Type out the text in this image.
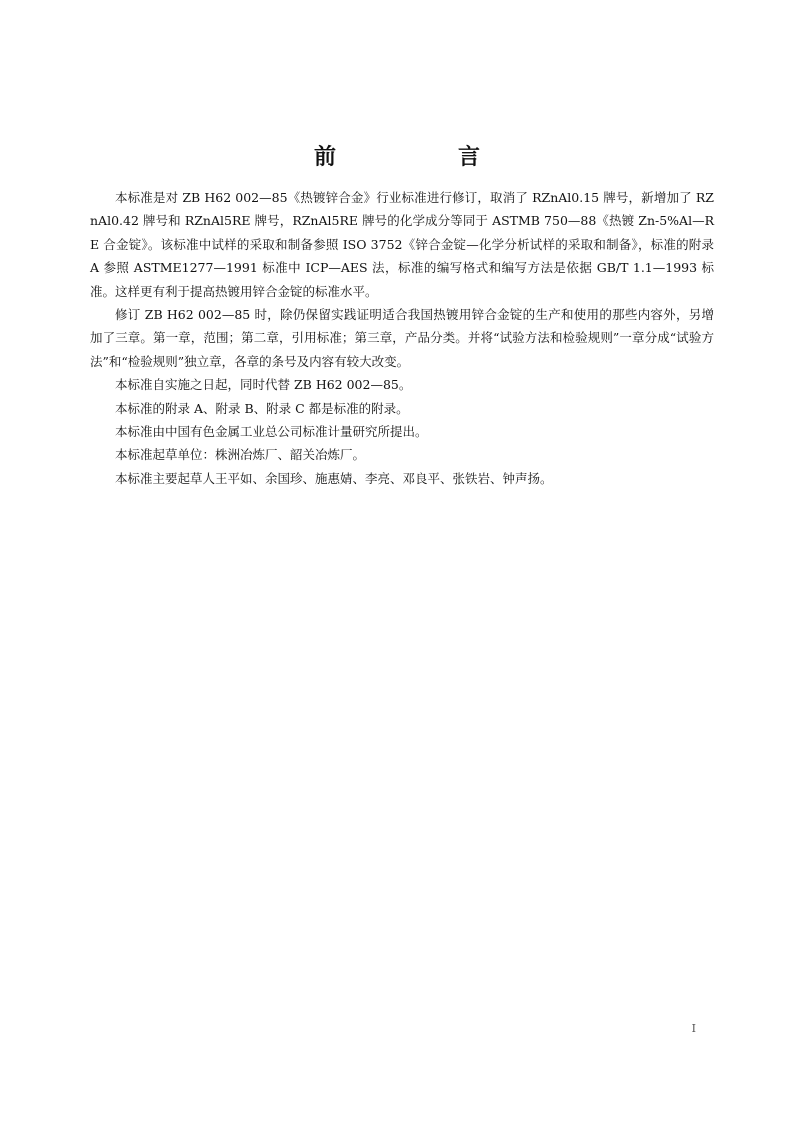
前　言

本标准是对 ZB H62 002—85《热镀锌合金》行业标准进行修订，取消了 RZnAl0.15 牌号，新增加了 RZnAl0.42 牌号和 RZnAl5RE 牌号，RZnAl5RE 牌号的化学成分等同于 ASTMB 750—88《热镀 Zn-5%Al—RE 合金锭》。该标准中试样的采取和制备参照 ISO 3752《锌合金锭—化学分析试样的采取和制备》，标准的附录 A 参照 ASTME1277—1991 标准中 ICP—AES 法，标准的编写格式和编写方法是依据 GB/T 1.1—1993 标准。这样更有利于提高热镀用锌合金锭的标准水平。

修订 ZB H62 002—85 时，除仍保留实践证明适合我国热镀用锌合金锭的生产和使用的那些内容外，另增加了三章。第一章，范围；第二章，引用标准；第三章，产品分类。并将“试验方法和检验规则”一章分成“试验方法”和“检验规则”独立章，各章的条号及内容有较大改变。

本标准自实施之日起，同时代替 ZB H62 002—85。

本标准的附录 A、附录 B、附录 C 都是标准的附录。

本标准由中国有色金属工业总公司标准计量研究所提出。

本标准起草单位：株洲冶炼厂、韶关冶炼厂。

本标准主要起草人王平如、余国珍、施惠婧、李亮、邓良平、张铁岩、钟声扬。

I
